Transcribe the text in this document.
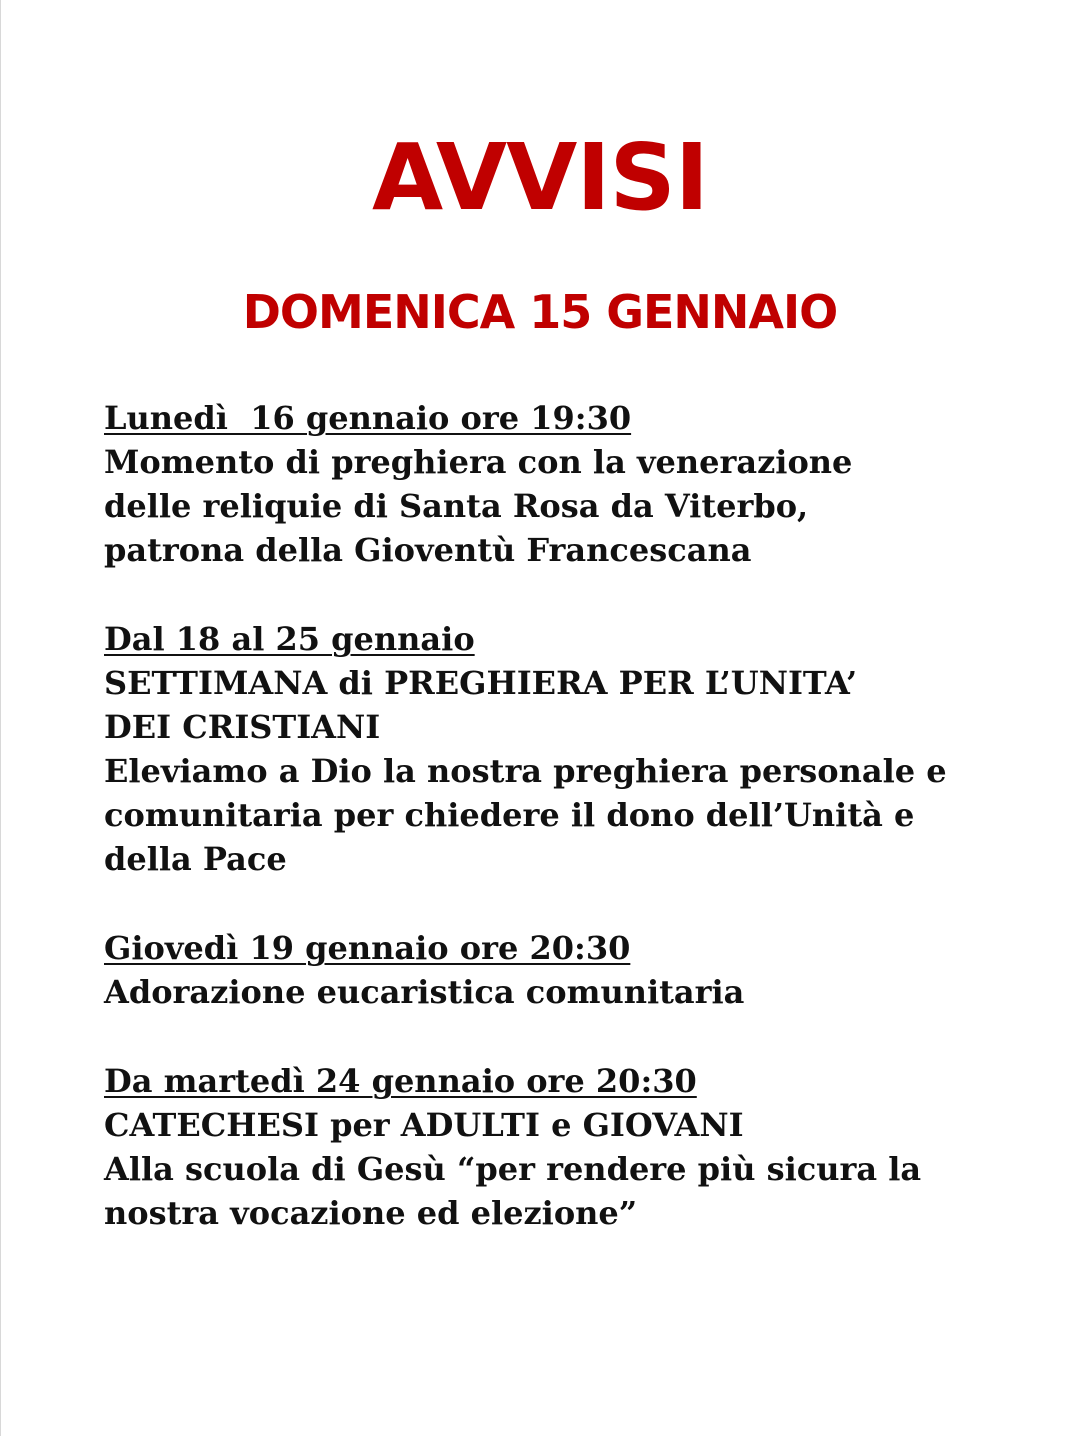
AVVISI
DOMENICA 15 GENNAIO
Lunedì  16 gennaio ore 19:30
Momento di preghiera con la venerazione
delle reliquie di Santa Rosa da Viterbo,
patrona della Gioventù Francescana
Dal 18 al 25 gennaio
SETTIMANA di PREGHIERA PER L’UNITA’
DEI CRISTIANI
Eleviamo a Dio la nostra preghiera personale e
comunitaria per chiedere il dono dell’Unità e
della Pace
Giovedì 19 gennaio ore 20:30
Adorazione eucaristica comunitaria
Da martedì 24 gennaio ore 20:30
CATECHESI per ADULTI e GIOVANI
Alla scuola di Gesù “per rendere più sicura la
nostra vocazione ed elezione”
